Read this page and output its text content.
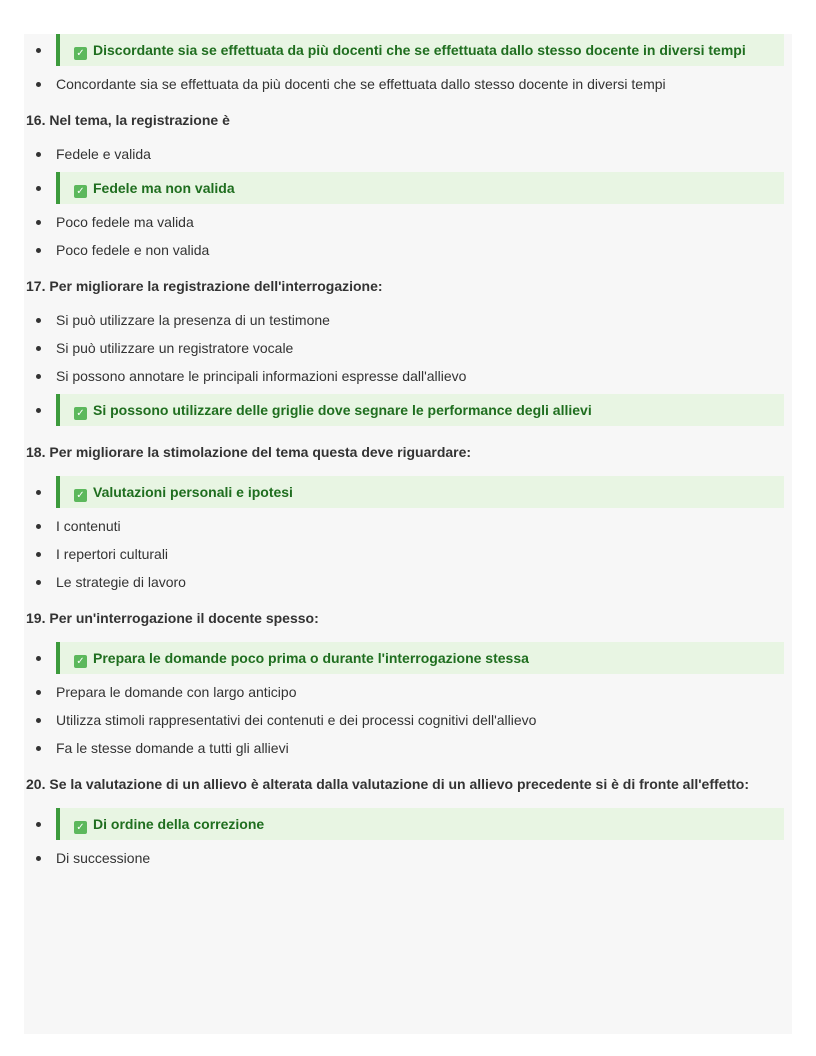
✓ Discordante sia se effettuata da più docenti che se effettuata dallo stesso docente in diversi tempi
Concordante sia se effettuata da più docenti che se effettuata dallo stesso docente in diversi tempi
16. Nel tema, la registrazione è
Fedele e valida
✓ Fedele ma non valida
Poco fedele ma valida
Poco fedele e non valida
17. Per migliorare la registrazione dell'interrogazione:
Si può utilizzare la presenza di un testimone
Si può utilizzare un registratore vocale
Si possono annotare le principali informazioni espresse dall'allievo
✓ Si possono utilizzare delle griglie dove segnare le performance degli allievi
18. Per migliorare la stimolazione del tema questa deve riguardare:
✓ Valutazioni personali e ipotesi
I contenuti
I repertori culturali
Le strategie di lavoro
19. Per un'interrogazione il docente spesso:
✓ Prepara le domande poco prima o durante l'interrogazione stessa
Prepara le domande con largo anticipo
Utilizza stimoli rappresentativi dei contenuti e dei processi cognitivi dell'allievo
Fa le stesse domande a tutti gli allievi
20. Se la valutazione di un allievo è alterata dalla valutazione di un allievo precedente si è di fronte all'effetto:
✓ Di ordine della correzione
Di successione
